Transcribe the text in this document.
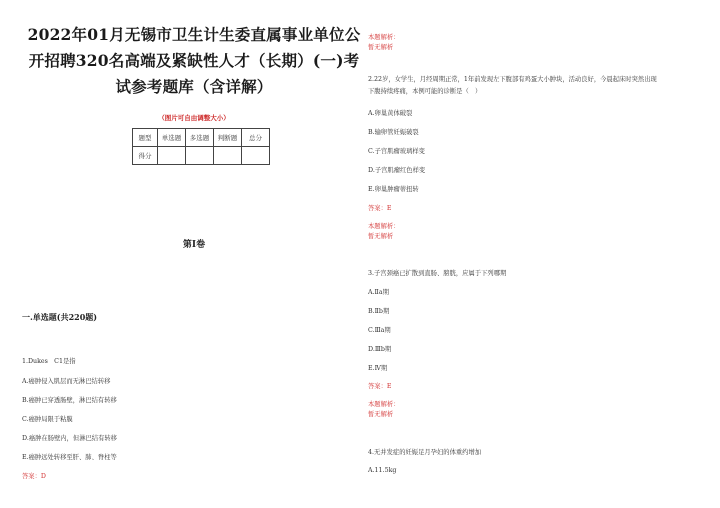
2022年01月无锡市卫生计生委直属事业单位公
开招聘320名高端及紧缺性人才（长期）(一)考
试参考题库（含详解）
（图片可自由调整大小）
题型	单选题	多选题	判断题	总分
得分				
第I卷
一.单选题(共220题)
1.Dukes　C1是指
A.癌肿侵入肌层而无淋巴结转移
B.癌肿已穿透肠壁，淋巴结有转移
C.癌肿局限于粘膜
D.癌肿在肠壁内，但淋巴结有转移
E.癌肿远处转移至肝、肺、脊柱等
答案：D
本题解析：
暂无解析
2.22岁，女学生，月经周期正常，1年前发现左下腹部有鸡蛋大小肿块，活动良好，今晨起床时突然出现
下腹持续疼痛，本例可能的诊断是（　）
A.卵巢黄体破裂
B.输卵管妊娠破裂
C.子宫肌瘤玻璃样变
D.子宫肌瘤红色样变
E.卵巢肿瘤蒂扭转
答案：E
本题解析：
暂无解析
3.子宫颈癌已扩散到直肠、膀胱，应属于下列哪期
A.Ⅱa期
B.Ⅱb期
C.Ⅲa期
D.Ⅲb期
E.Ⅳ期
答案：E
本题解析：
暂无解析
4.无并发症的妊娠足月孕妇的体重约增加
A.11.5kg
